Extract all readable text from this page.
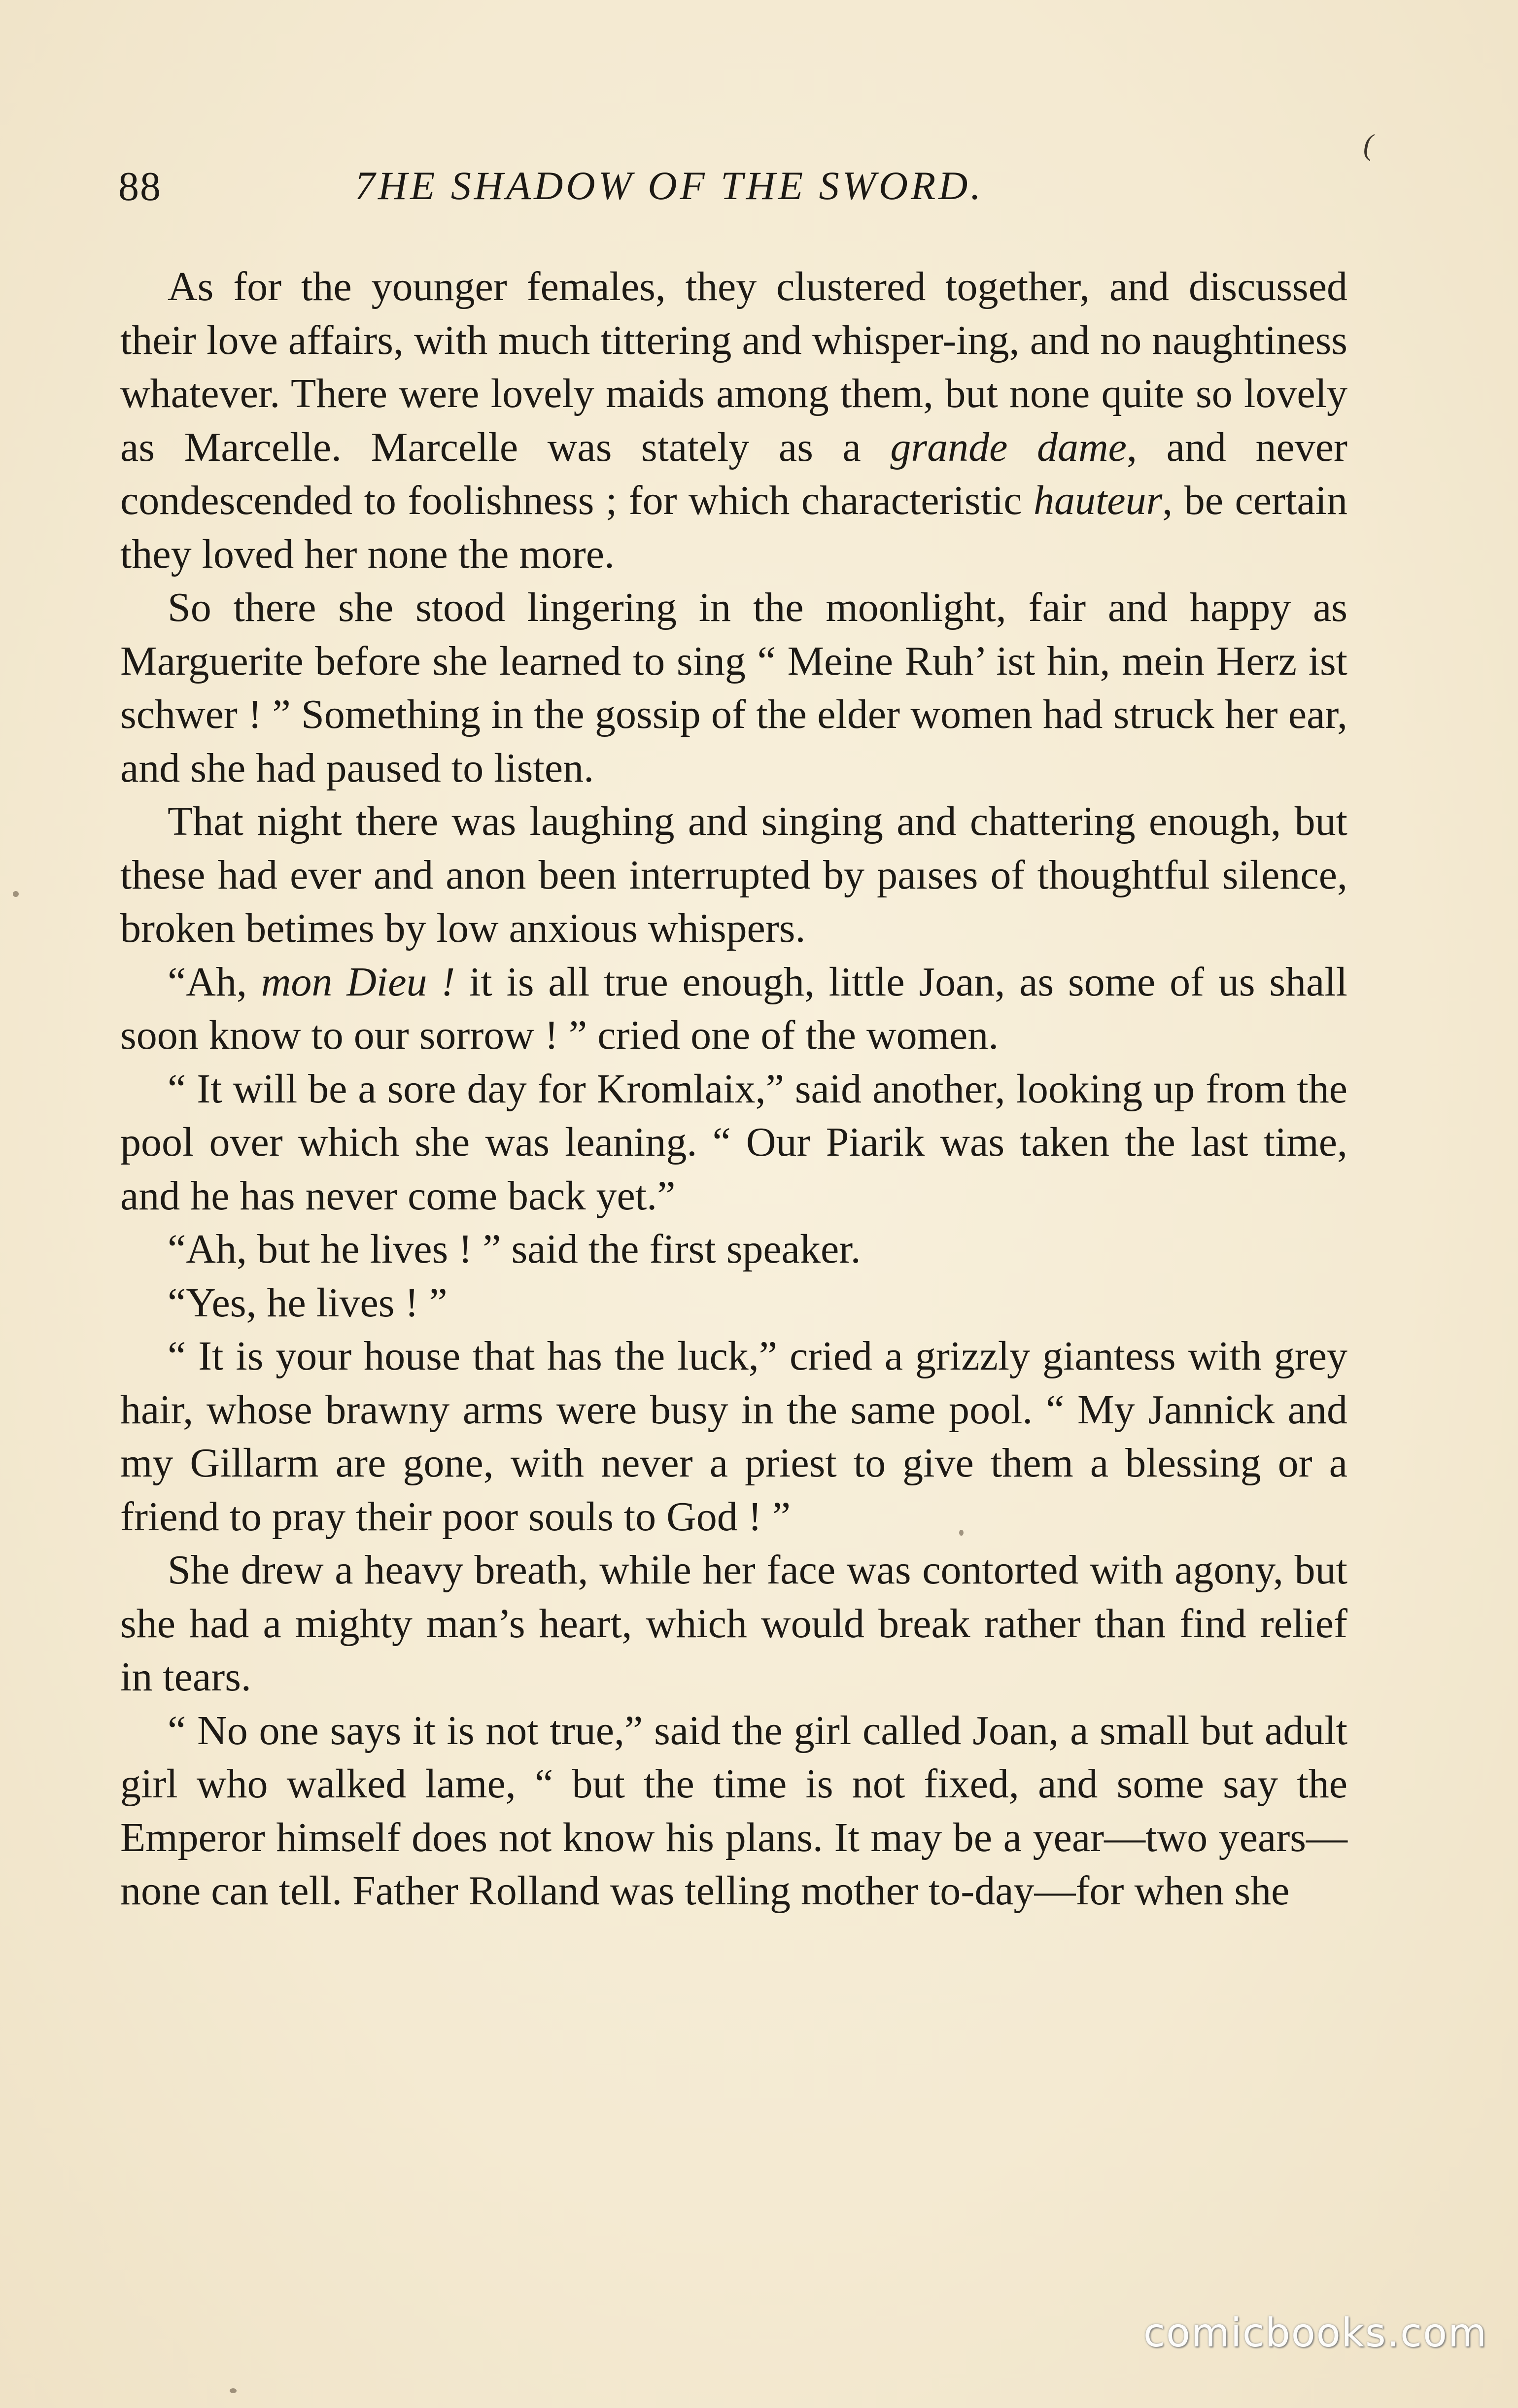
(
88	7HE SHADOW OF THE SWORD.

As for the younger females, they clustered together, and discussed their love affairs, with much tittering and whisper-ing, and no naughtiness whatever. There were lovely maids among them, but none quite so lovely as Marcelle. Marcelle was stately as a grande dame, and never condescended to foolishness ; for which characteristic hauteur, be certain they loved her none the more.

So there she stood lingering in the moonlight, fair and happy as Marguerite before she learned to sing “ Meine Ruh’ ist hin, mein Herz ist schwer ! ” Something in the gossip of the elder women had struck her ear, and she had paused to listen.

That night there was laughing and singing and chattering enough, but these had ever and anon been interrupted by paıses of thoughtful silence, broken betimes by low anxious whispers.

“Ah, mon Dieu ! it is all true enough, little Joan, as some of us shall soon know to our sorrow ! ” cried one of the women.

“ It will be a sore day for Kromlaix,” said another, looking up from the pool over which she was leaning. “ Our Piarik was taken the last time, and he has never come back yet.”

“Ah, but he lives ! ” said the first speaker.

“Yes, he lives ! ”

“ It is your house that has the luck,” cried a grizzly giantess with grey hair, whose brawny arms were busy in the same pool. “ My Jannick and my Gillarm are gone, with never a priest to give them a blessing or a friend to pray their poor souls to God ! ”

She drew a heavy breath, while her face was contorted with agony, but she had a mighty man’s heart, which would break rather than find relief in tears.

“ No one says it is not true,” said the girl called Joan, a small but adult girl who walked lame, “ but the time is not fixed, and some say the Emperor himself does not know his plans. It may be a year—two years—none can tell. Father Rolland was telling mother to-day—for when she

comicbooks.com
